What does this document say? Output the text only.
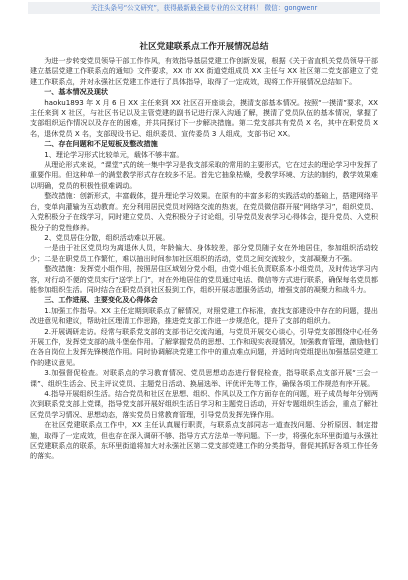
关注头条号“公文研究”，获得最新最全最专业的公文材料！ 微信：gongwenr
社区党建联系点工作开展情况总结

为进一步转变党员领导干部工作作风，有效指导基层党建工作创新发展，根据《关于省直机关党员领导干部建立基层党建工作联系点的通知》文件要求，XX 市 XX 街道党组成员 XX 主任与 XX 社区第二党支部建立了党建工作联系点，并对永强社区党建工作进行了具体指导，取得了一定成效，现将工作开展情况总结如下。

一、基本情况及现状

haoku1893 年 X 月 6 日 XX 主任来到 XX 社区召开座谈会，摸清支部基本情况。按照“一摸清”要求，XX 主任来到 X 社区，与社区书记以及主管党建的副书记进行深入沟通了解，摸清了党员队伍的基本情况，掌握了支部组织运作情况以及存在的困难，并共同探讨下一步解决措施。第二党支部共有党员 X 名，其中在职党员 X 名，退休党员 X 名，支部现设书记、组织委员、宣传委员 3 人组成，支部书记 XX。

二、存在问题和不足短板及整改措施

1、理论学习形式比较单元，载体不够丰富。

从理论形式来说，“课堂”式的统一集中学习是我支部采取的常用的主要形式，它在过去的理论学习中发挥了重要作用。但这种单一的满堂教学形式存在较多不足。首先它抽象枯燥，受教学环境、方法的制约，教学效果难以明确，党员的积极性很难调动。

整改措施：创新形式，丰富载体，提升理论学习效果。在原有的丰富多彩的实践活动的基础上，搭建网络平台，变单向灌输为互动教育。充分利用居民党员对网络交流的热衷，在党员微信群开展“网络学习”，组织党员、入党积极分子在线学习，同时建立党员、入党积极分子讨论组，引导党员发表学习心得体会，提升党员、入党积极分子的党性修养。

2、党员居住分散，组织活动难以开展。

一是由于社区党员均为离退休人员，年龄偏大、身体较差，部分党员随子女在外地居住，参加组织活动较少；二是在职党员工作繁忙，难以抽出时间参加社区组织的活动，党员之间交流较少，支部凝聚力不强。

整改措施：发挥党小组作用，按照居住区域划分党小组，由党小组长负责联系本小组党员，及时传达学习内容，对行动不便的党员实行“送学上门”，对在外地居住的党员通过电话、微信等方式进行联系，确保每名党员都能参加组织生活。同时结合在职党员到社区报到工作，组织开展志愿服务活动，增强支部的凝聚力和战斗力。

三、工作进展、主要变化及心得体会

1.加强工作指导。XX 主任定期到联系点了解情况，对照党建工作标准，查找支部建设中存在的问题，提出改进意见和建议，帮助社区理清工作思路，推进党支部工作进一步规范化，提升了支部的组织力。

2.开展调研走访。经常与联系党支部的支部书记交流沟通，与党员开展交心谈心，引导党支部围绕中心任务开展工作，发挥党支部的战斗堡垒作用。了解掌握党员的思想、工作和现实表现情况，加强教育管理，激励他们在各自岗位上发挥先锋模范作用。同时协调解决党建工作中的重点难点问题，并适时向党组提出加强基层党建工作的建议意见。

3.加强督促检查。对联系点的学习教育情况、党员思想动态进行督促检查，指导联系点支部开展“三会一课”、组织生活会、民主评议党员、主题党日活动、换届选举、评优评先等工作，确保各项工作规范有序开展。

4.指导开展组织生活。结合党员和社区在思想、组织、作风以及工作方面存在的问题，班子成员每年分别两次到联系党支部上党课，指导党支部开展好组织生活日学习和主题党日活动，开好专题组织生活会，重点了解社区党员学习情况、思想动态，落实党员日常教育管理，引导党员发挥先锋作用。

在社区党建联系点工作中，XX 主任认真履行职责，与联系点支部同志一道查找问题、分析原因、制定措施，取得了一定成效，但也存在深入调研不够、指导方式方法单一等问题。下一步，将强化东环里街道与永强社区党建联系点的联系，东环里街道将加大对永强社区第二党支部党建工作的分类指导，督促其抓好各项工作任务的落实。
